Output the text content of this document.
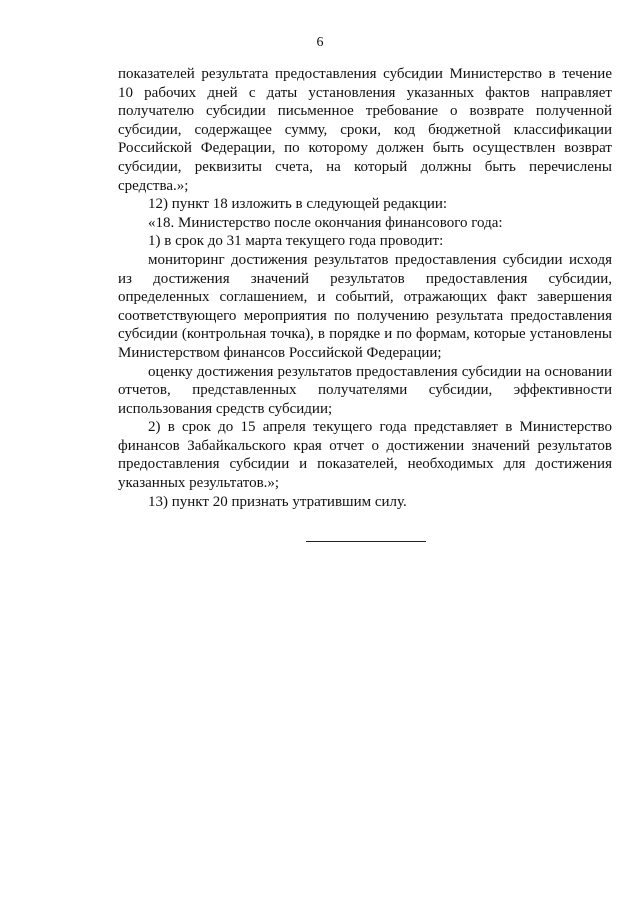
6

показателей результата предоставления субсидии Министерство в течение 10 рабочих дней с даты установления указанных фактов направляет получателю субсидии письменное требование о возврате полученной субсидии, содержащее сумму, сроки, код бюджетной классификации Российской Федерации, по которому должен быть осуществлен возврат субсидии, реквизиты счета, на который должны быть перечислены средства.»;

12) пункт 18 изложить в следующей редакции:

«18. Министерство после окончания финансового года:

1) в срок до 31 марта текущего года проводит:

мониторинг достижения результатов предоставления субсидии исходя из достижения значений результатов предоставления субсидии, определенных соглашением, и событий, отражающих факт завершения соответствующего мероприятия по получению результата предоставления субсидии (контрольная точка), в порядке и по формам, которые установлены Министерством финансов Российской Федерации;

оценку достижения результатов предоставления субсидии на основании отчетов, представленных получателями субсидии, эффективности использования средств субсидии;

2) в срок до 15 апреля текущего года представляет в Министерство финансов Забайкальского края отчет о достижении значений результатов предоставления субсидии и показателей, необходимых для достижения указанных результатов.»;

13) пункт 20 признать утратившим силу.
